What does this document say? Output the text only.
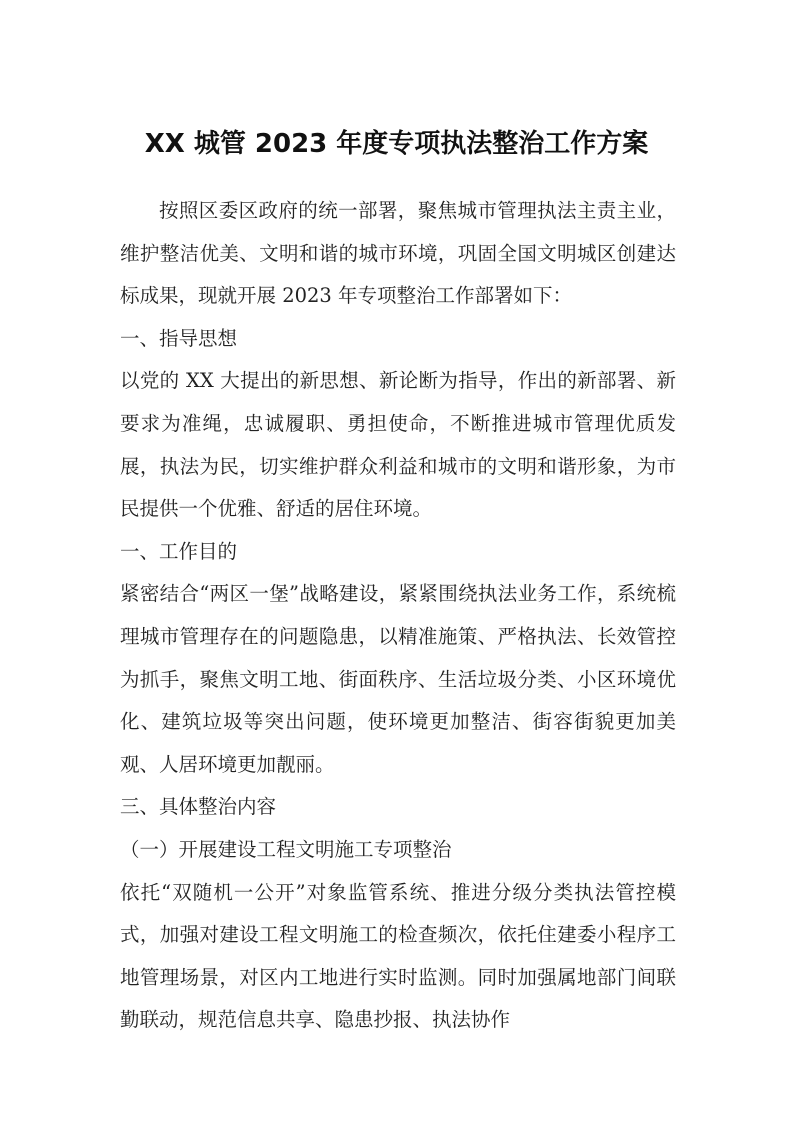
XX 城管 2023 年度专项执法整治工作方案

按照区委区政府的统一部署，聚焦城市管理执法主责主业，维护整洁优美、文明和谐的城市环境，巩固全国文明城区创建达标成果，现就开展 2023 年专项整治工作部署如下：

一、指导思想

以党的 XX 大提出的新思想、新论断为指导，作出的新部署、新要求为准绳，忠诚履职、勇担使命，不断推进城市管理优质发展，执法为民，切实维护群众利益和城市的文明和谐形象，为市民提供一个优雅、舒适的居住环境。

一、工作目的

紧密结合“两区一堡”战略建设，紧紧围绕执法业务工作，系统梳理城市管理存在的问题隐患，以精准施策、严格执法、长效管控为抓手，聚焦文明工地、街面秩序、生活垃圾分类、小区环境优化、建筑垃圾等突出问题，使环境更加整洁、街容街貌更加美观、人居环境更加靓丽。

三、具体整治内容

（一）开展建设工程文明施工专项整治

依托“双随机一公开”对象监管系统、推进分级分类执法管控模式，加强对建设工程文明施工的检查频次，依托住建委小程序工地管理场景，对区内工地进行实时监测。同时加强属地部门间联勤联动，规范信息共享、隐患抄报、执法协作
